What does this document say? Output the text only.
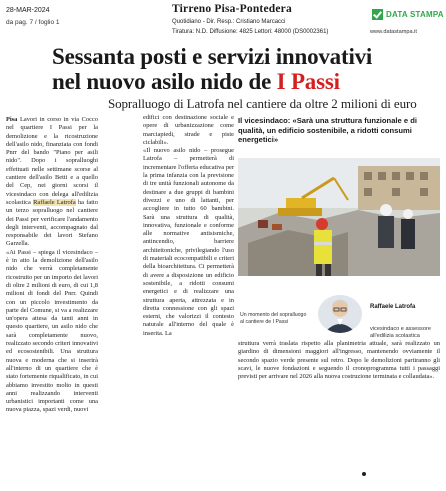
28-MAR-2024
da pag. 7 / foglio 1
Tirreno Pisa-Pontedera
Quotidiano - Dir. Resp.: Cristiano Marcacci
Tiratura: N.D. Diffusione: 4825 Lettori: 48000 (DS0002361)
DATA STAMPA
www.datastampa.it
Sessanta posti e servizi innovativi
nel nuovo asilo nido de I Passi
Sopralluogo di Latrofa nel cantiere da oltre 2 milioni di euro

Pisa Lavori in corso in via Cocco nel quartiere I Passi per la demolizione e la ricostruzione dell'asilo nido, finanziata con fondi Pnrr del bando "Piano per asili nido". Dopo i sopralluoghi effettuati nelle settimane scorse al cantiere dell'asilo Betti e a quello del Cep, nei giorni scorsi il vicesindaco con delega all'edilizia scolastica Raffaele Latrofa ha fatto un terzo sopralluogo nel cantiere dei Passi per verificare l'andamento degli interventi, accompagnato dal responsabile dei lavori Stefano Garzella.

«Ai Passi – spiega il vicesindaco – è in atto la demolizione dell'asilo nido che verrà completamente ricostruito per un importo dei lavori di oltre 2 milioni di euro, di cui 1,8 milioni di fondi del Pnrr. Quindi con un piccolo investimento da parte del Comune, si va a realizzare un'opera attesa da tanti anni in questo quartiere, un asilo nido che sarà completamente nuovo, realizzato secondo criteri innovativi ed ecosostenibili. Una struttura nuova e moderna che si inserirà all'interno di un quartiere che è stato fortemente riqualificato, in cui abbiamo investito molto in questi anni realizzando interventi urbanistici importanti come una nuova piazza, spazi verdi, nuovi

edifici con destinazione sociale e opere di urbanizzazione come marciapiedi, strade e piste ciclabili».

«Il nuovo asilo nido – prosegue Latrofa – permetterà di incrementare l'offerta educativa per la prima infanzia con la previsione di tre unità funzionali autonome da destinare a due gruppi di bambini divezzi e uno di lattanti, per accogliere in tutto 60 bambini. Sarà una struttura di qualità, innovativa, funzionale e conforme alle normative antisismiche, antincendio, barriere architettoniche, privilegiando l'uso di materiali ecocompatibili e criteri della bioarchitettura. Ci permetterà di avere a disposizione un edificio sostenibile, a ridotti consumi energetici e di realizzare una struttura aperta, attrezzata e in diretta connessione con gli spazi esterni, che valorizzi il contesto naturale all'interno del quale è inserita. La

Il vicesindaco: «Sarà una struttura funzionale e di qualità, un edificio sostenibile, a ridotti consumi energetici»
Un momento del sopralluogo al cantiere de I Passi
Raffaele Latrofa
vicesindaco e assessore all'edilizia scolastica
struttura verrà traslata rispetto alla planimetria attuale, sarà realizzato un giardino di dimensioni maggiori all'ingresso, mantenendo ovviamente il secondo spazio verde presente sul retro. Dopo le demolizioni partiranno gli scavi, le nuove fondazioni e seguendo il cronoprogramma tutti i passaggi previsti per arrivare nel 2026 alla nuova costruzione terminata e collaudata».
